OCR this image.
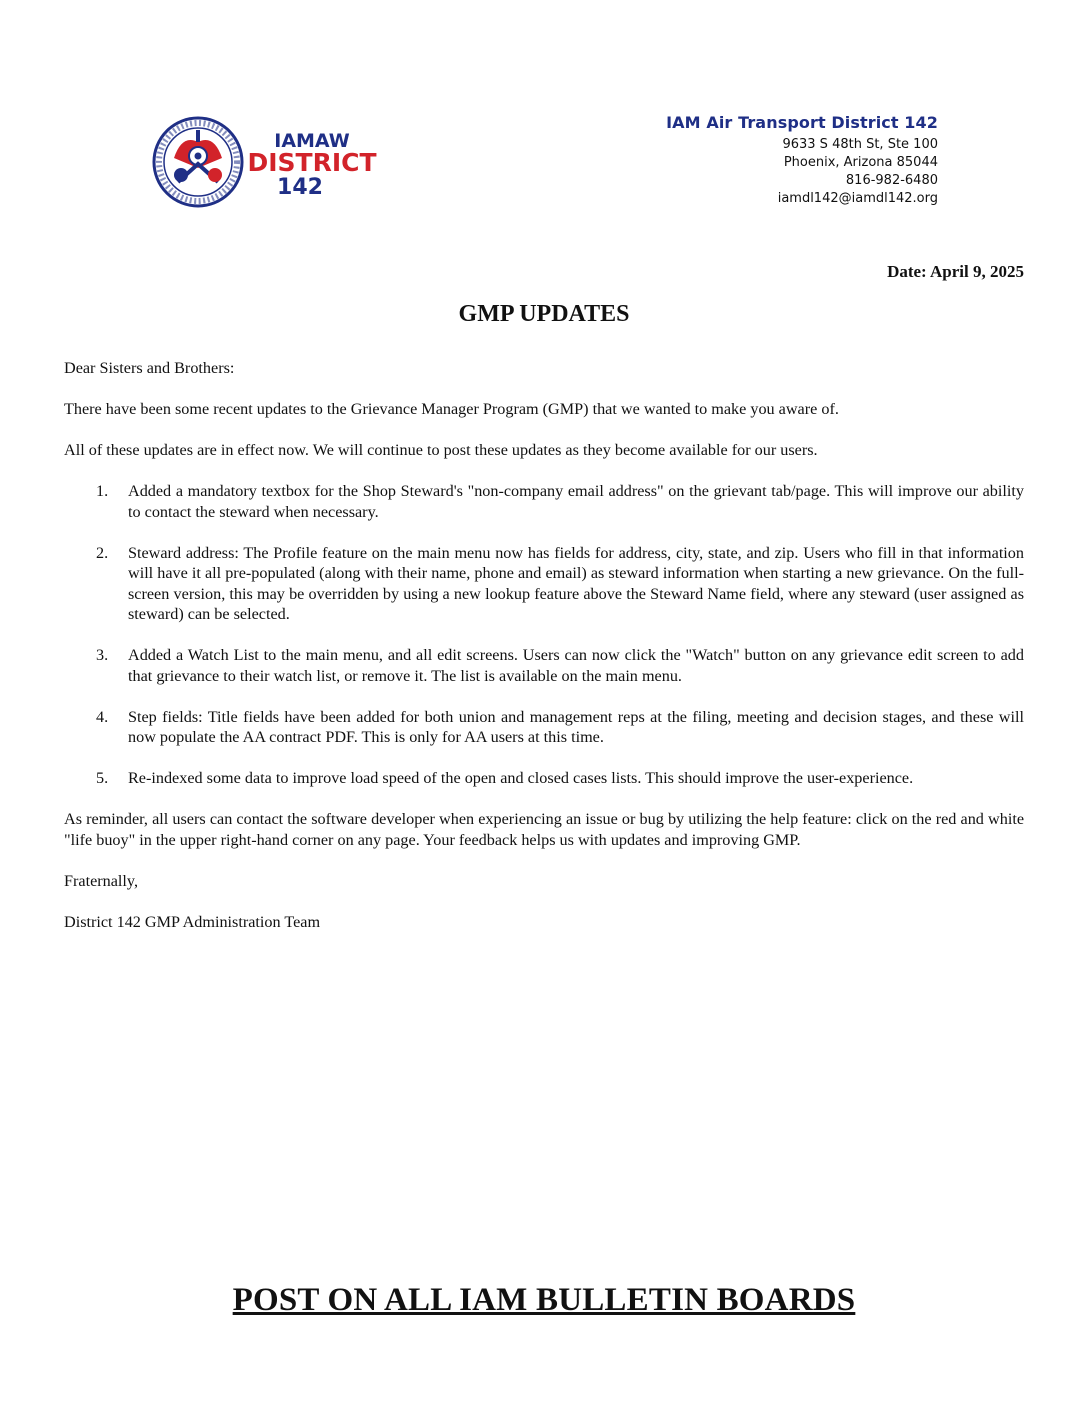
IAMAW
DISTRICT
142
IAM Air Transport District 142
9633 S 48th St, Ste 100
Phoenix, Arizona 85044
816-982-6480
iamdl142@iamdl142.org
Date: April 9, 2025
GMP UPDATES

Dear Sisters and Brothers:

There have been some recent updates to the Grievance Manager Program (GMP) that we wanted to make you aware of.

All of these updates are in effect now. We will continue to post these updates as they become available for our users.

1. Added a mandatory textbox for the Shop Steward's "non-company email address" on the grievant tab/page. This will improve our ability to contact the steward when necessary.
2. Steward address: The Profile feature on the main menu now has fields for address, city, state, and zip. Users who fill in that information will have it all pre-populated (along with their name, phone and email) as steward information when starting a new grievance. On the full-screen version, this may be overridden by using a new lookup feature above the Steward Name field, where any steward (user assigned as steward) can be selected.
3. Added a Watch List to the main menu, and all edit screens. Users can now click the "Watch" button on any grievance edit screen to add that grievance to their watch list, or remove it. The list is available on the main menu.
4. Step fields: Title fields have been added for both union and management reps at the filing, meeting and decision stages, and these will now populate the AA contract PDF. This is only for AA users at this time.
5. Re-indexed some data to improve load speed of the open and closed cases lists. This should improve the user-experience.

As reminder, all users can contact the software developer when experiencing an issue or bug by utilizing the help feature: click on the red and white "life buoy" in the upper right-hand corner on any page. Your feedback helps us with updates and improving GMP.

Fraternally,

District 142 GMP Administration Team

POST ON ALL IAM BULLETIN BOARDS
